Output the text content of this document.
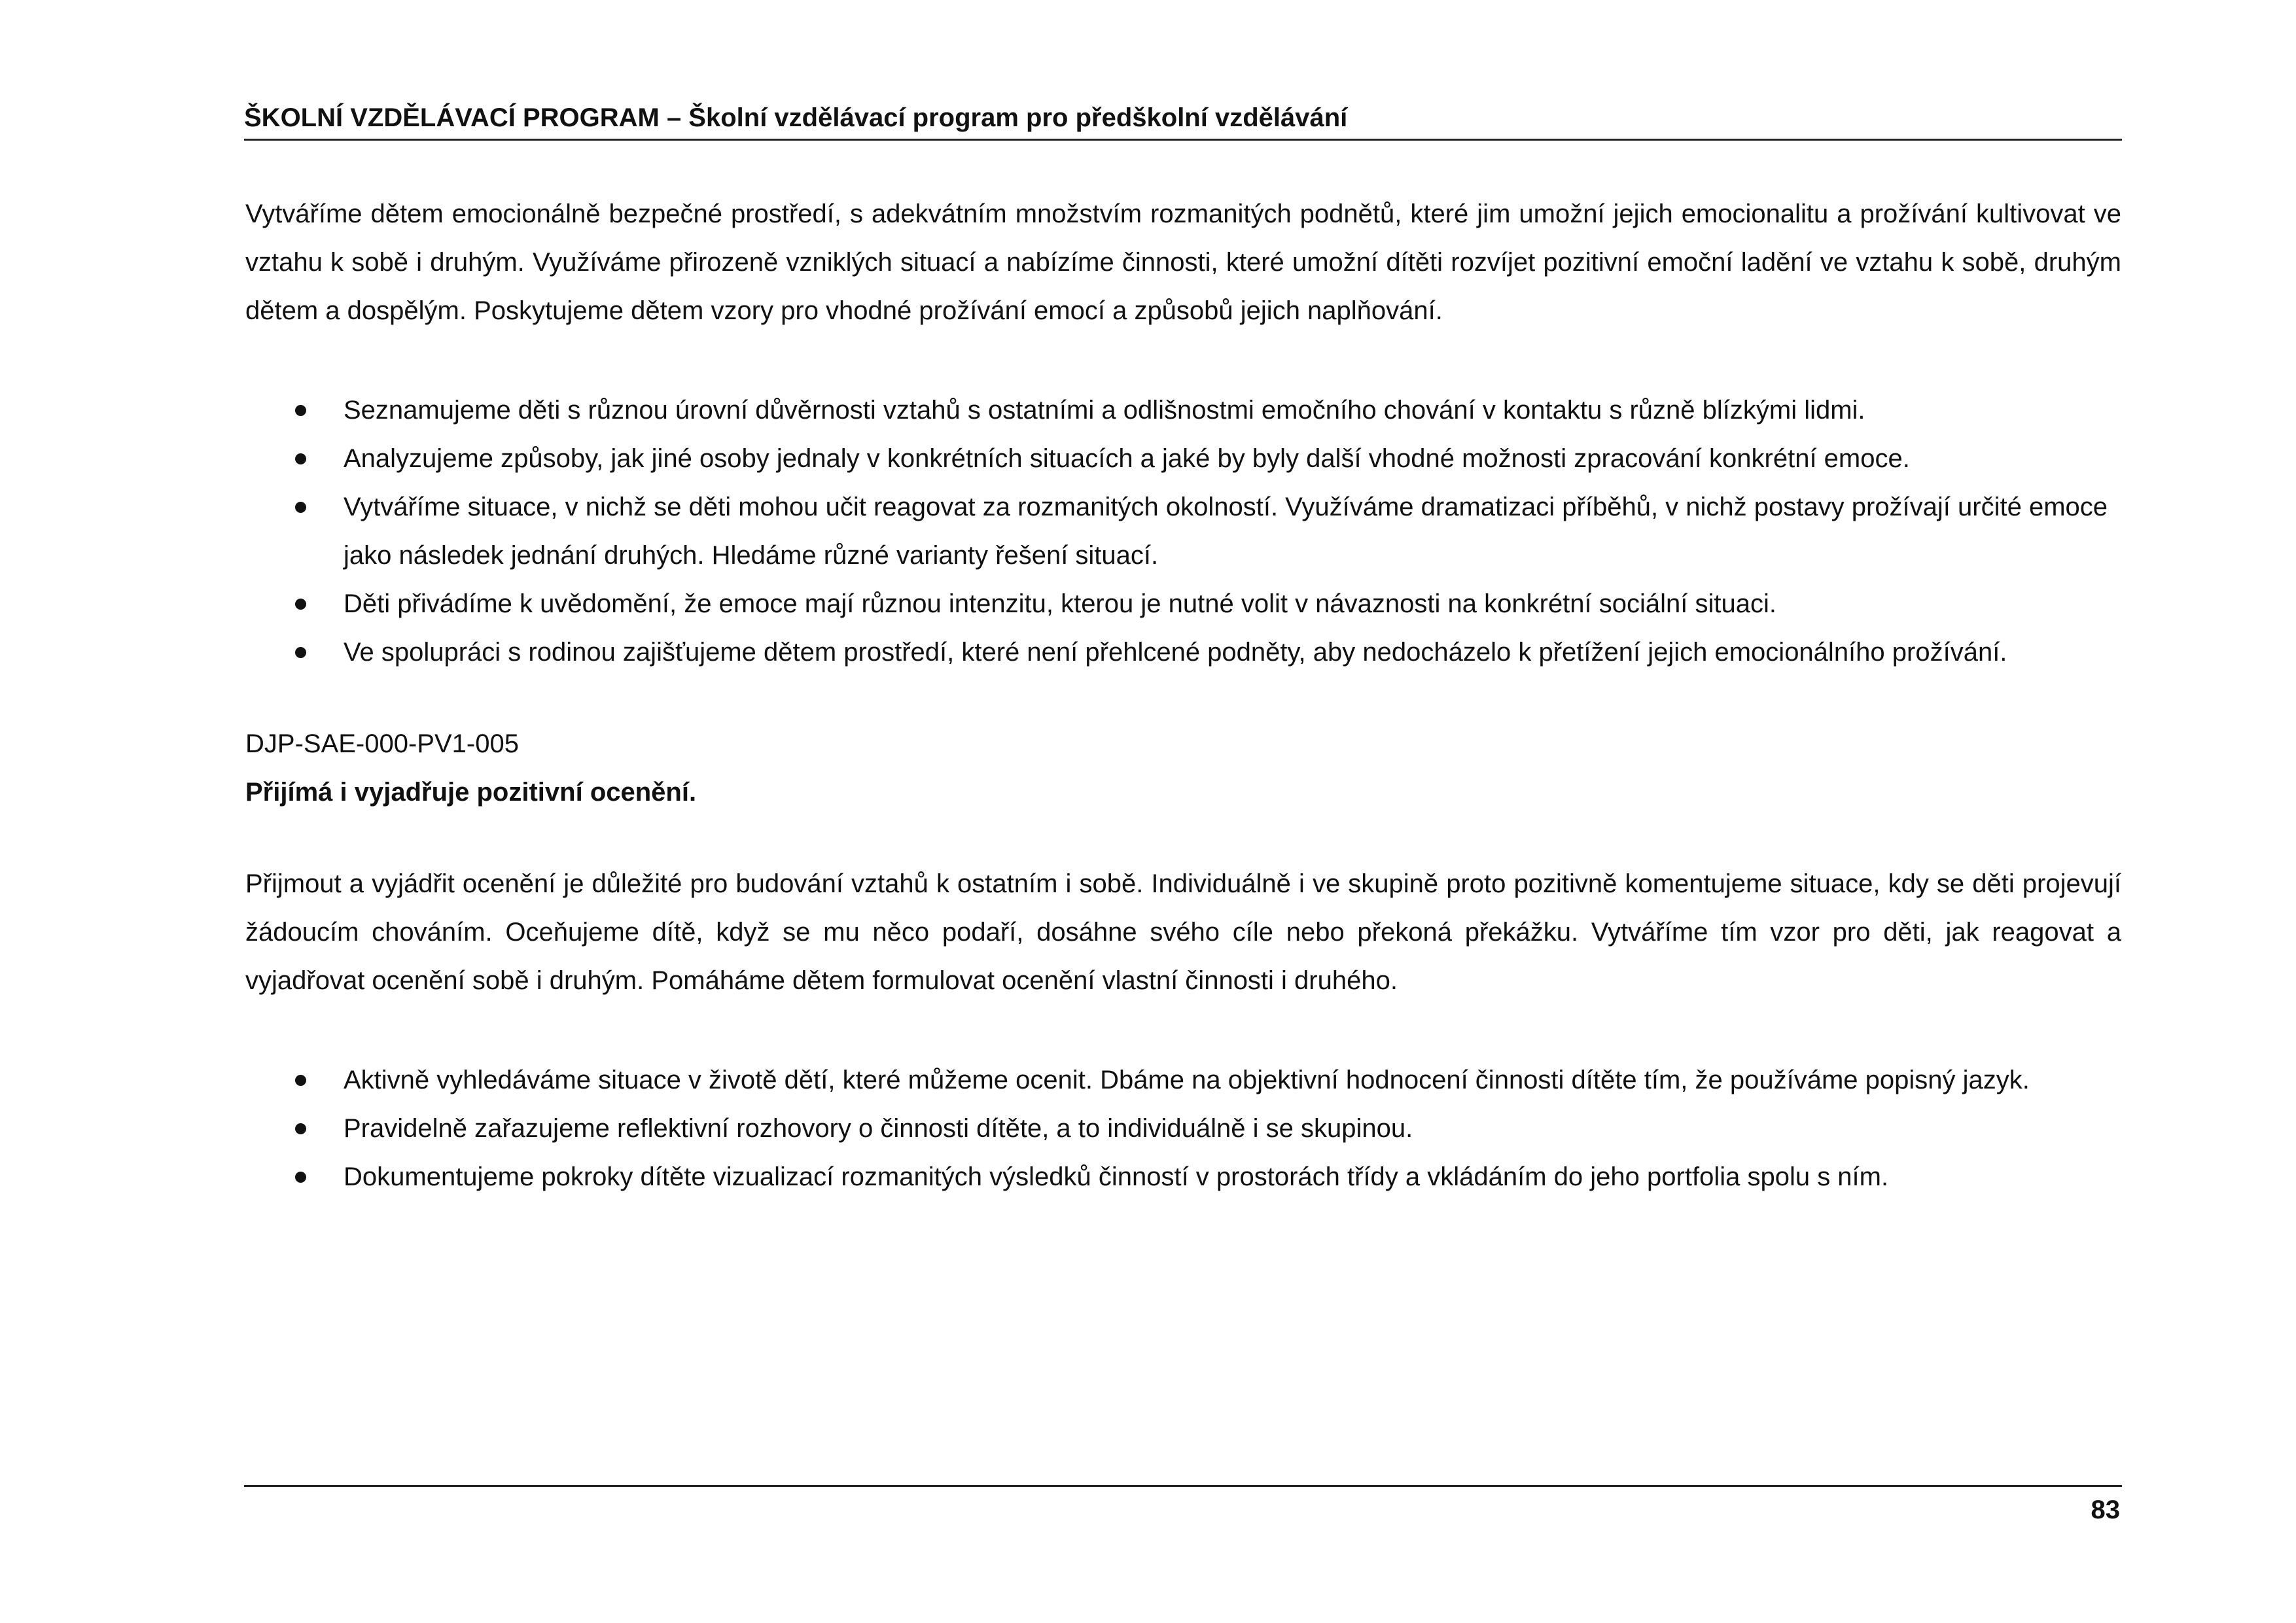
ŠKOLNÍ VZDĚLÁVACÍ PROGRAM – Školní vzdělávací program pro předškolní vzdělávání

Vytváříme dětem emocionálně bezpečné prostředí, s adekvátním množstvím rozmanitých podnětů, které jim umožní jejich emocionalitu a prožívání kultivovat ve vztahu k sobě i druhým. Využíváme přirozeně vzniklých situací a nabízíme činnosti, které umožní dítěti rozvíjet pozitivní emoční ladění ve vztahu k sobě, druhým dětem a dospělým. Poskytujeme dětem vzory pro vhodné prožívání emocí a způsobů jejich naplňování.

Seznamujeme děti s různou úrovní důvěrnosti vztahů s ostatními a odlišnostmi emočního chování v kontaktu s různě blízkými lidmi.
Analyzujeme způsoby, jak jiné osoby jednaly v konkrétních situacích a jaké by byly další vhodné možnosti zpracování konkrétní emoce.
Vytváříme situace, v nichž se děti mohou učit reagovat za rozmanitých okolností. Využíváme dramatizaci příběhů, v nichž postavy prožívají určité emoce jako následek jednání druhých. Hledáme různé varianty řešení situací.
Děti přivádíme k uvědomění, že emoce mají různou intenzitu, kterou je nutné volit v návaznosti na konkrétní sociální situaci.
Ve spolupráci s rodinou zajišťujeme dětem prostředí, které není přehlcené podněty, aby nedocházelo k přetížení jejich emocionálního prožívání.

DJP-SAE-000-PV1-005

Přijímá i vyjadřuje pozitivní ocenění.

Přijmout a vyjádřit ocenění je důležité pro budování vztahů k ostatním i sobě. Individuálně i ve skupině proto pozitivně komentujeme situace, kdy se děti projevují žádoucím chováním. Oceňujeme dítě, když se mu něco podaří, dosáhne svého cíle nebo překoná překážku. Vytváříme tím vzor pro děti, jak reagovat a vyjadřovat ocenění sobě i druhým. Pomáháme dětem formulovat ocenění vlastní činnosti i druhého.

Aktivně vyhledáváme situace v životě dětí, které můžeme ocenit. Dbáme na objektivní hodnocení činnosti dítěte tím, že používáme popisný jazyk.
Pravidelně zařazujeme reflektivní rozhovory o činnosti dítěte, a to individuálně i se skupinou.
Dokumentujeme pokroky dítěte vizualizací rozmanitých výsledků činností v prostorách třídy a vkládáním do jeho portfolia spolu s ním.
83
